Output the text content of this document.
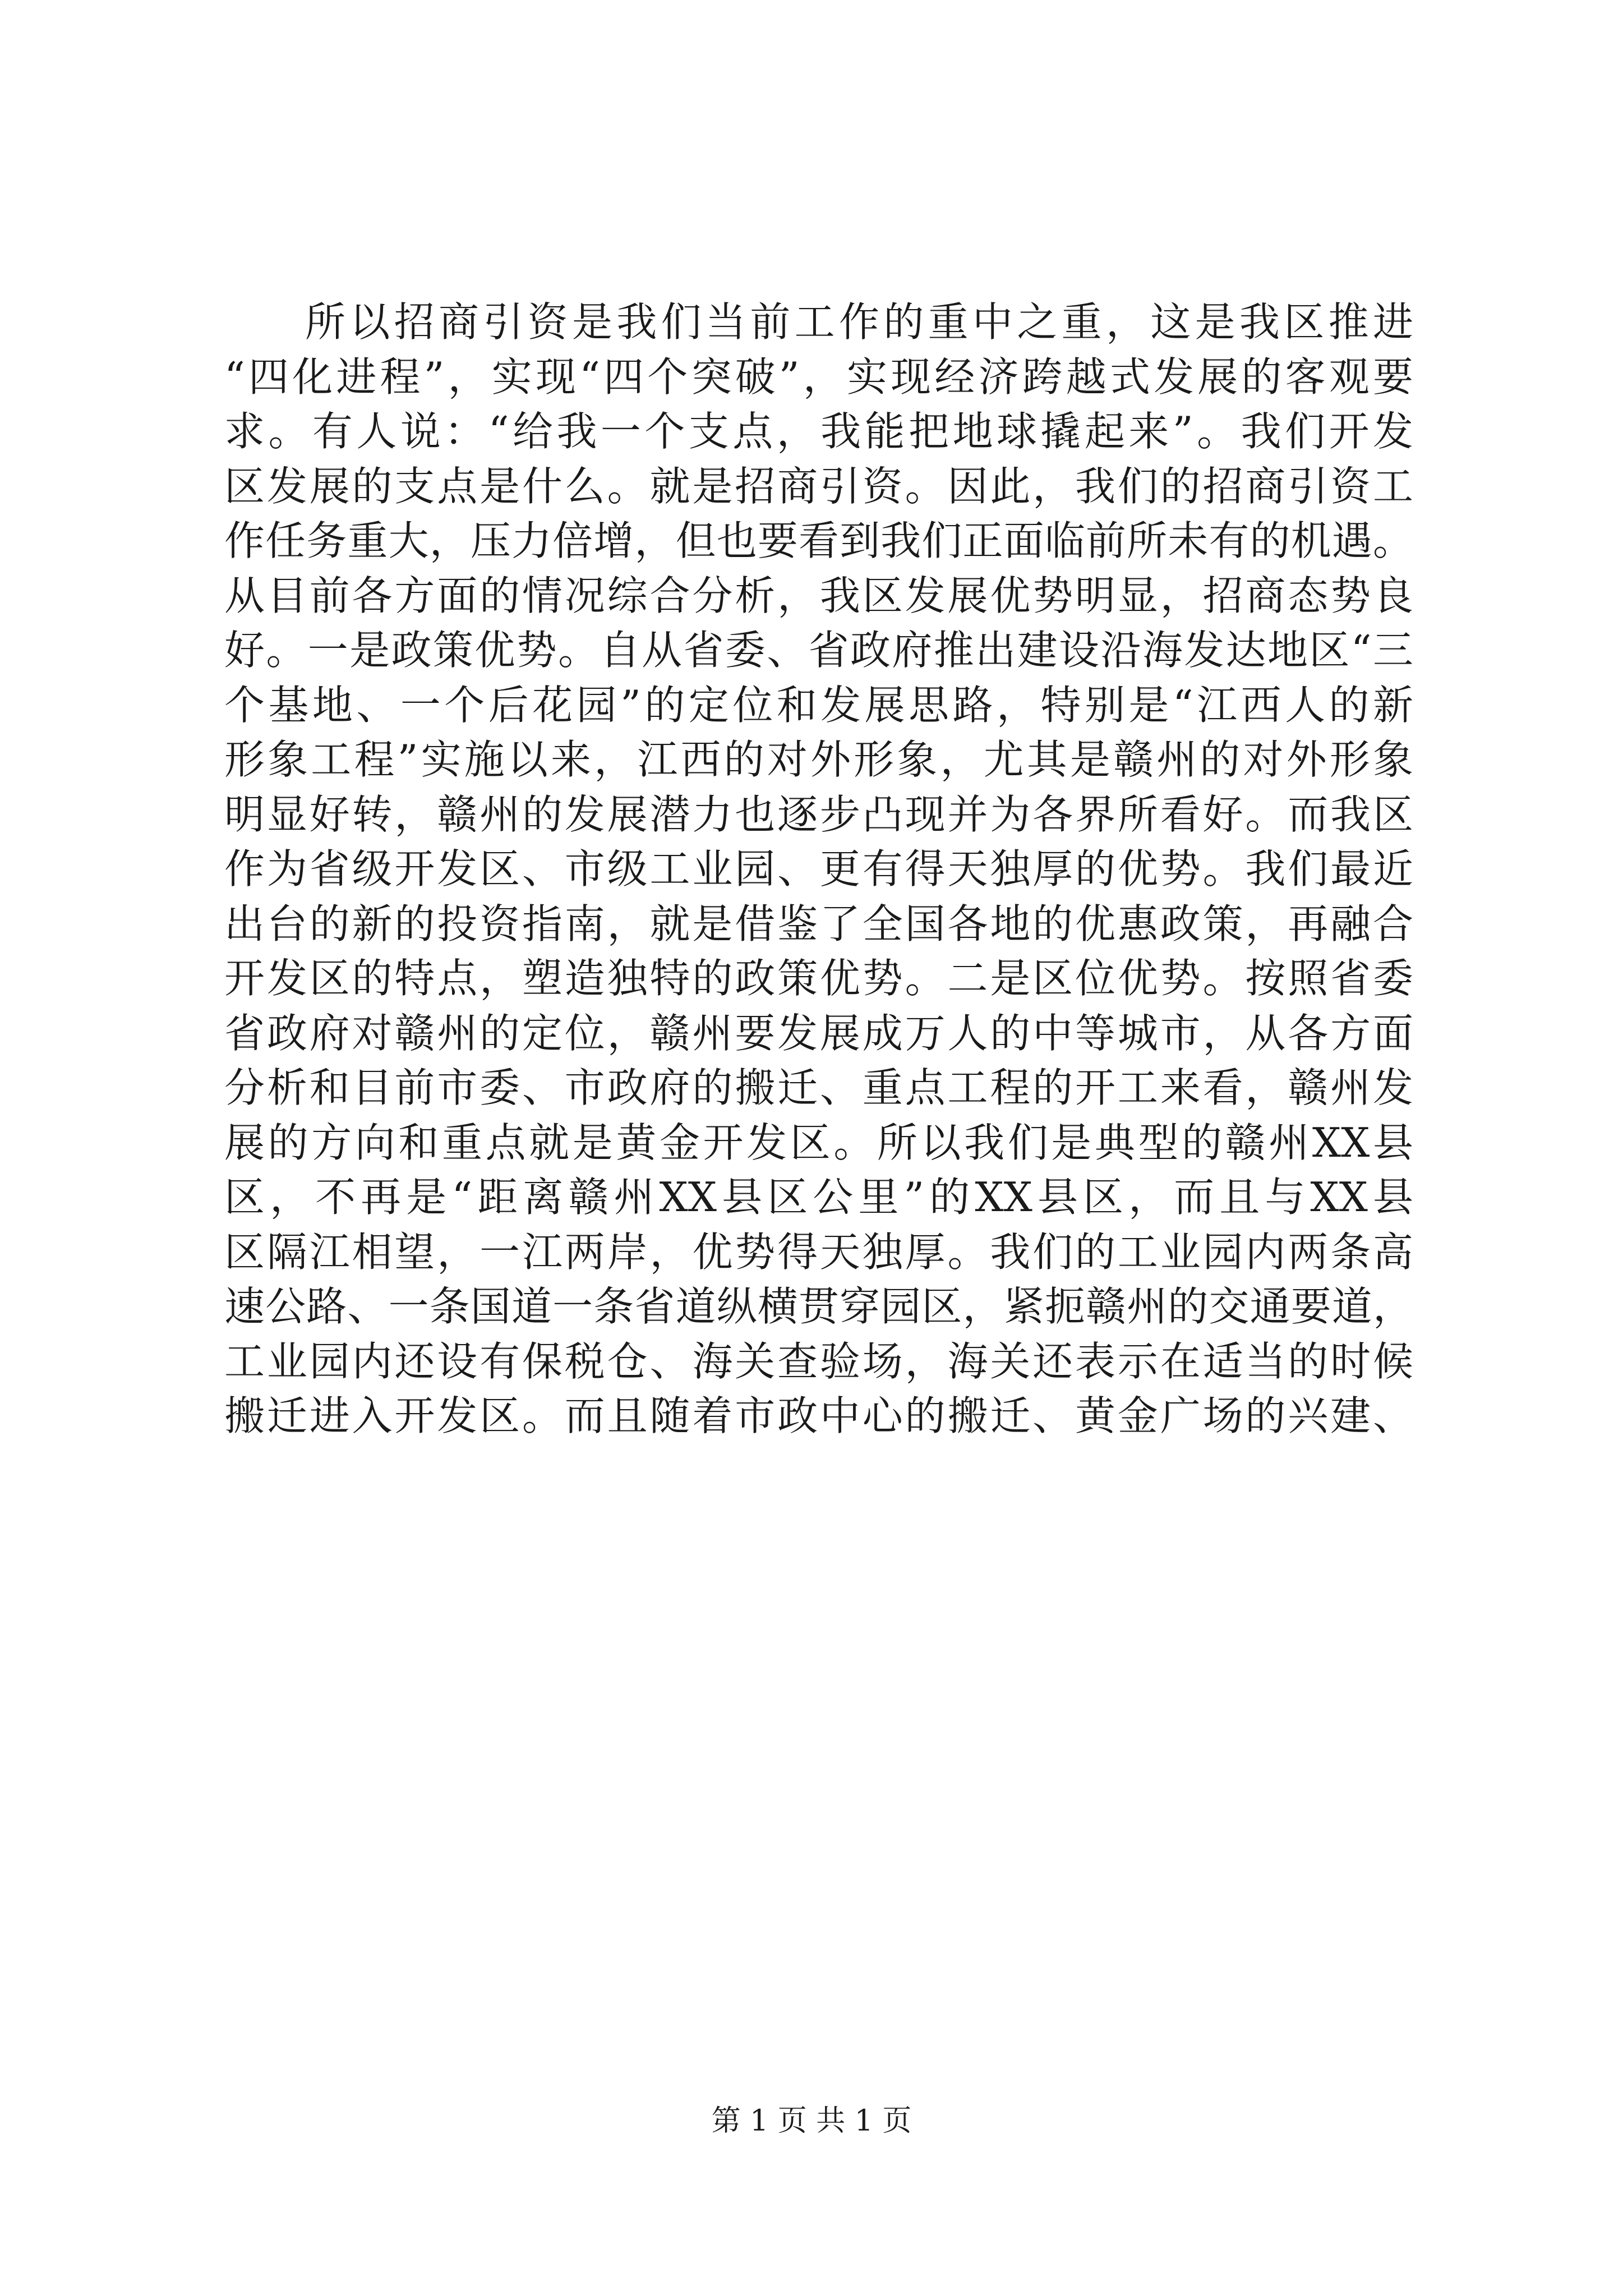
所以招商引资是我们当前工作的重中之重，这是我区推进
“四化进程”，实现“四个突破”，实现经济跨越式发展的客观要
求。有人说：“给我一个支点，我能把地球撬起来”。我们开发
区发展的支点是什么。就是招商引资。因此，我们的招商引资工
作任务重大，压力倍增，但也要看到我们正面临前所未有的机遇。
从目前各方面的情况综合分析，我区发展优势明显，招商态势良
好。一是政策优势。自从省委、省政府推出建设沿海发达地区“三
个基地、一个后花园”的定位和发展思路，特别是“江西人的新
形象工程”实施以来，江西的对外形象，尤其是赣州的对外形象
明显好转，赣州的发展潜力也逐步凸现并为各界所看好。而我区
作为省级开发区、市级工业园、更有得天独厚的优势。我们最近
出台的新的投资指南，就是借鉴了全国各地的优惠政策，再融合
开发区的特点，塑造独特的政策优势。二是区位优势。按照省委
省政府对赣州的定位，赣州要发展成万人的中等城市，从各方面
分析和目前市委、市政府的搬迁、重点工程的开工来看，赣州发
展的方向和重点就是黄金开发区。所以我们是典型的赣州XX县
区，不再是“距离赣州XX县区公里”的XX县区，而且与XX县
区隔江相望，一江两岸，优势得天独厚。我们的工业园内两条高
速公路、一条国道一条省道纵横贯穿园区，紧扼赣州的交通要道，
工业园内还设有保税仓、海关查验场，海关还表示在适当的时候
搬迁进入开发区。而且随着市政中心的搬迁、黄金广场的兴建、
第 1 页 共 1 页
